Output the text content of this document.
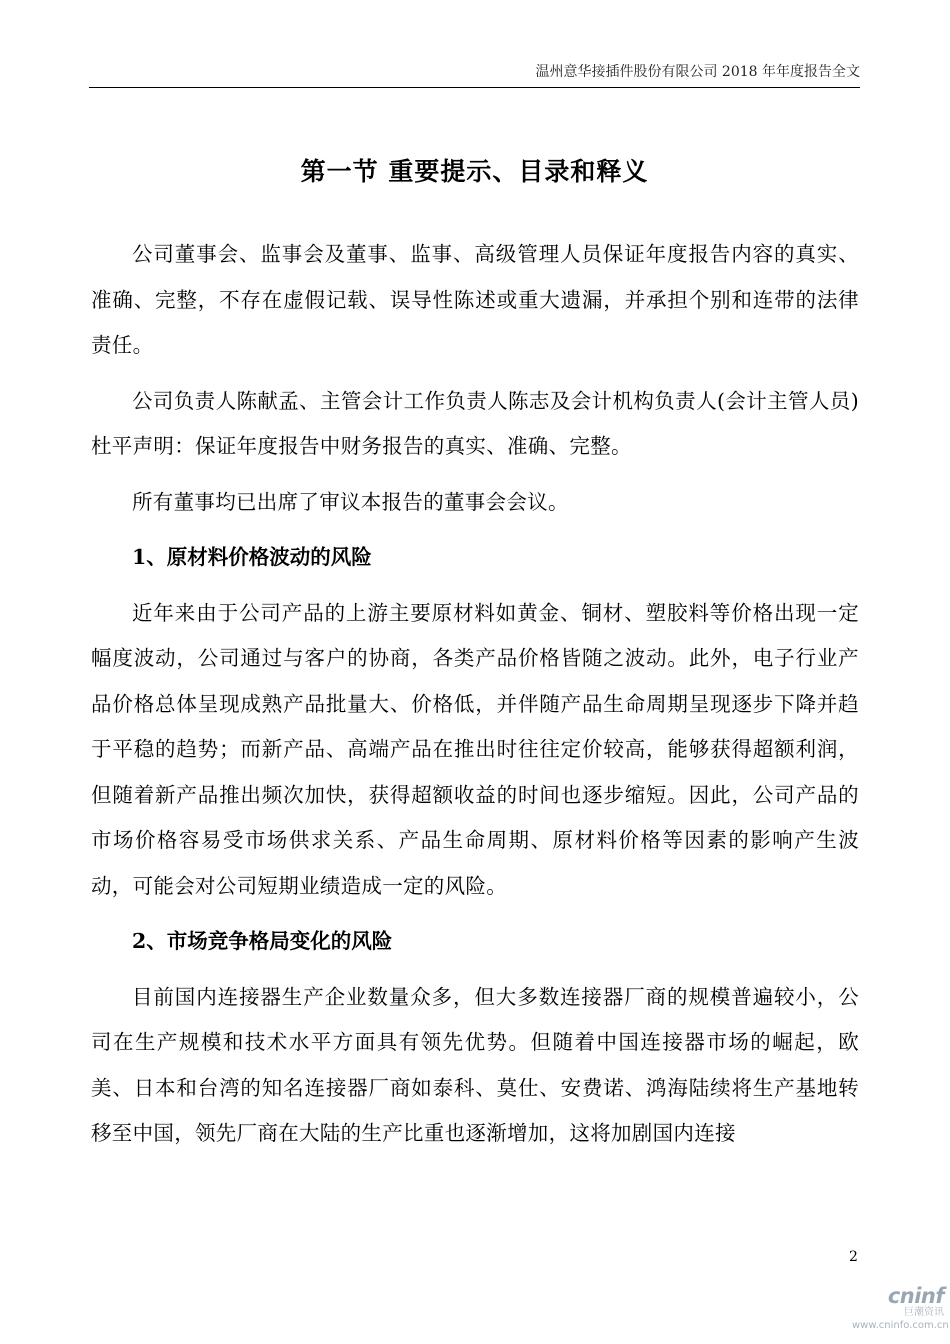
温州意华接插件股份有限公司 2018 年年度报告全文
第一节 重要提示、目录和释义

公司董事会、监事会及董事、监事、高级管理人员保证年度报告内容的真实、准确、完整，不存在虚假记载、误导性陈述或重大遗漏，并承担个别和连带的法律责任。

公司负责人陈献孟、主管会计工作负责人陈志及会计机构负责人(会计主管人员)杜平声明：保证年度报告中财务报告的真实、准确、完整。

所有董事均已出席了审议本报告的董事会会议。

1、原材料价格波动的风险

近年来由于公司产品的上游主要原材料如黄金、铜材、塑胶料等价格出现一定幅度波动，公司通过与客户的协商，各类产品价格皆随之波动。此外，电子行业产品价格总体呈现成熟产品批量大、价格低，并伴随产品生命周期呈现逐步下降并趋于平稳的趋势；而新产品、高端产品在推出时往往定价较高，能够获得超额利润，但随着新产品推出频次加快，获得超额收益的时间也逐步缩短。因此，公司产品的市场价格容易受市场供求关系、产品生命周期、原材料价格等因素的影响产生波动，可能会对公司短期业绩造成一定的风险。

2、市场竞争格局变化的风险

目前国内连接器生产企业数量众多，但大多数连接器厂商的规模普遍较小，公司在生产规模和技术水平方面具有领先优势。但随着中国连接器市场的崛起，欧美、日本和台湾的知名连接器厂商如泰科、莫仕、安费诺、鸿海陆续将生产基地转移至中国，领先厂商在大陆的生产比重也逐渐增加，这将加剧国内连接

2
cninf
巨潮资讯
www.cninfo.com.cn
